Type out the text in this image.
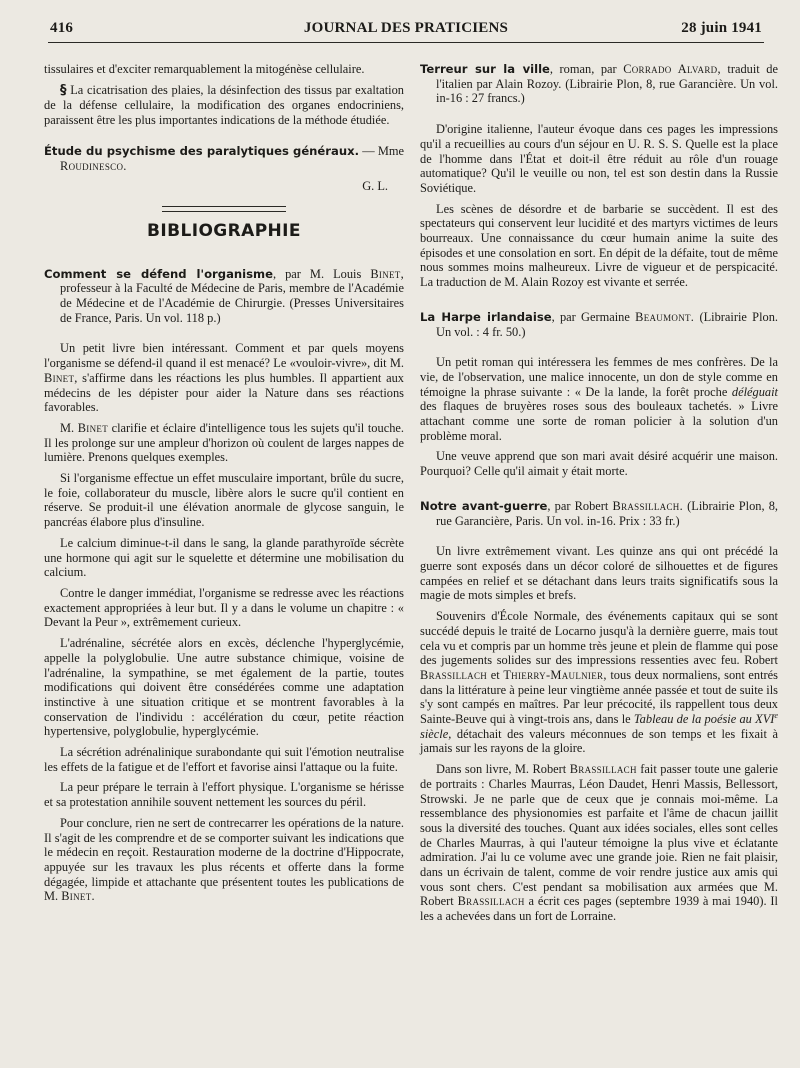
416	JOURNAL DES PRATICIENS	28 juin 1941

tissulaires et d'exciter remarquablement la mitogénèse cellulaire.

§ La cicatrisation des plaies, la désinfection des tissus par exaltation de la défense cellulaire, la modification des organes endocriniens, paraissent être les plus importantes indications de la méthode étudiée.

Étude du psychisme des paralytiques généraux. — Mme Roudinesco.

G. L.

BIBLIOGRAPHIE

Comment se défend l'organisme, par M. Louis Binet, professeur à la Faculté de Médecine de Paris, membre de l'Académie de Médecine et de l'Académie de Chirurgie. (Presses Universitaires de France, Paris. Un vol. 118 p.)

Un petit livre bien intéressant. Comment et par quels moyens l'organisme se défend-il quand il est menacé? Le «vouloir-vivre», dit M. Binet, s'affirme dans les réactions les plus humbles. Il appartient aux médecins de les dépister pour aider la Nature dans ses réactions favorables.

M. Binet clarifie et éclaire d'intelligence tous les sujets qu'il touche. Il les prolonge sur une ampleur d'horizon où coulent de larges nappes de lumière. Prenons quelques exemples.

Si l'organisme effectue un effet musculaire important, brûle du sucre, le foie, collaborateur du muscle, libère alors le sucre qu'il contient en réserve. Se produit-il une élévation anormale de glycose sanguin, le pancréas élabore plus d'insuline.

Le calcium diminue-t-il dans le sang, la glande parathyroïde sécrète une hormone qui agit sur le squelette et détermine une mobilisation du calcium.

Contre le danger immédiat, l'organisme se redresse avec les réactions exactement appropriées à leur but. Il y a dans le volume un chapitre : « Devant la Peur », extrêmement curieux.

L'adrénaline, sécrétée alors en excès, déclenche l'hyperglycémie, appelle la polyglobulie. Une autre substance chimique, voisine de l'adrénaline, la sympathine, se met également de la partie, toutes modifications qui doivent être consédérées comme une adaptation instinctive à une situation critique et se montrent favorables à la conservation de l'individu : accélération du cœur, petite réaction hypertensive, polyglobulie, hyperglycémie.

La sécrétion adrénalinique surabondante qui suit l'émotion neutralise les effets de la fatigue et de l'effort et favorise ainsi l'attaque ou la fuite.

La peur prépare le terrain à l'effort physique. L'organisme se hérisse et sa protestation annihile souvent nettement les sources du péril.

Pour conclure, rien ne sert de contrecarrer les opérations de la nature. Il s'agit de les comprendre et de se comporter suivant les indications que le médecin en reçoit. Restauration moderne de la doctrine d'Hippocrate, appuyée sur les travaux les plus récents et offerte dans la forme dégagée, limpide et attachante que présentent toutes les publications de M. Binet.

Terreur sur la ville, roman, par Corrado Alvard, traduit de l'italien par Alain Rozoy. (Librairie Plon, 8, rue Garancière. Un vol. in-16 : 27 francs.)

D'origine italienne, l'auteur évoque dans ces pages les impressions qu'il a recueillies au cours d'un séjour en U. R. S. S. Quelle est la place de l'homme dans l'État et doit-il être réduit au rôle d'un rouage automatique? Qu'il le veuille ou non, tel est son destin dans la Russie Soviétique.

Les scènes de désordre et de barbarie se succèdent. Il est des spectateurs qui conservent leur lucidité et des martyrs victimes de leurs bourreaux. Une connaissance du cœur humain anime la suite des épisodes et une consolation en sort. En dépit de la défaite, tout de même nous sommes moins malheureux. Livre de vigueur et de perspicacité. La traduction de M. Alain Rozoy est vivante et serrée.

La Harpe irlandaise, par Germaine Beaumont. (Librairie Plon. Un vol. : 4 fr. 50.)

Un petit roman qui intéressera les femmes de mes confrères. De la vie, de l'observation, une malice innocente, un don de style comme en témoigne la phrase suivante : « De la lande, la forêt proche déléguait des flaques de bruyères roses sous des bouleaux tachetés. » Livre attachant comme une sorte de roman policier à la solution d'un problème moral.

Une veuve apprend que son mari avait désiré acquérir une maison. Pourquoi? Celle qu'il aimait y était morte.

Notre avant-guerre, par Robert Brassillach. (Librairie Plon, 8, rue Garancière, Paris. Un vol. in-16. Prix : 33 fr.)

Un livre extrêmement vivant. Les quinze ans qui ont précédé la guerre sont exposés dans un décor coloré de silhouettes et de figures campées en relief et se détachant dans leurs traits significatifs sous la magie de mots simples et brefs.

Souvenirs d'École Normale, des événements capitaux qui se sont succédé depuis le traité de Locarno jusqu'à la dernière guerre, mais tout cela vu et compris par un homme très jeune et plein de flamme qui pose des jugements solides sur des impressions ressenties avec feu. Robert Brassillach et Thierry-Maulnier, tous deux normaliens, sont entrés dans la littérature à peine leur vingtième année passée et tout de suite ils s'y sont campés en maîtres. Par leur précocité, ils rappellent tous deux Sainte-Beuve qui à vingt-trois ans, dans le Tableau de la poésie au XVIe siècle, détachait des valeurs méconnues de son temps et les fixait à jamais sur les rayons de la gloire.

Dans son livre, M. Robert Brassillach fait passer toute une galerie de portraits : Charles Maurras, Léon Daudet, Henri Massis, Bellessort, Strowski. Je ne parle que de ceux que je connais moi-même. La ressemblance des physionomies est parfaite et l'âme de chacun jaillit sous la diversité des touches. Quant aux idées sociales, elles sont celles de Charles Maurras, à qui l'auteur témoigne la plus vive et éclatante admiration. J'ai lu ce volume avec une grande joie. Rien ne fait plaisir, dans un écrivain de talent, comme de voir rendre justice aux amis qui vous sont chers. C'est pendant sa mobilisation aux armées que M. Robert Brassillach a écrit ces pages (septembre 1939 à mai 1940). Il les a achevées dans un fort de Lorraine.
